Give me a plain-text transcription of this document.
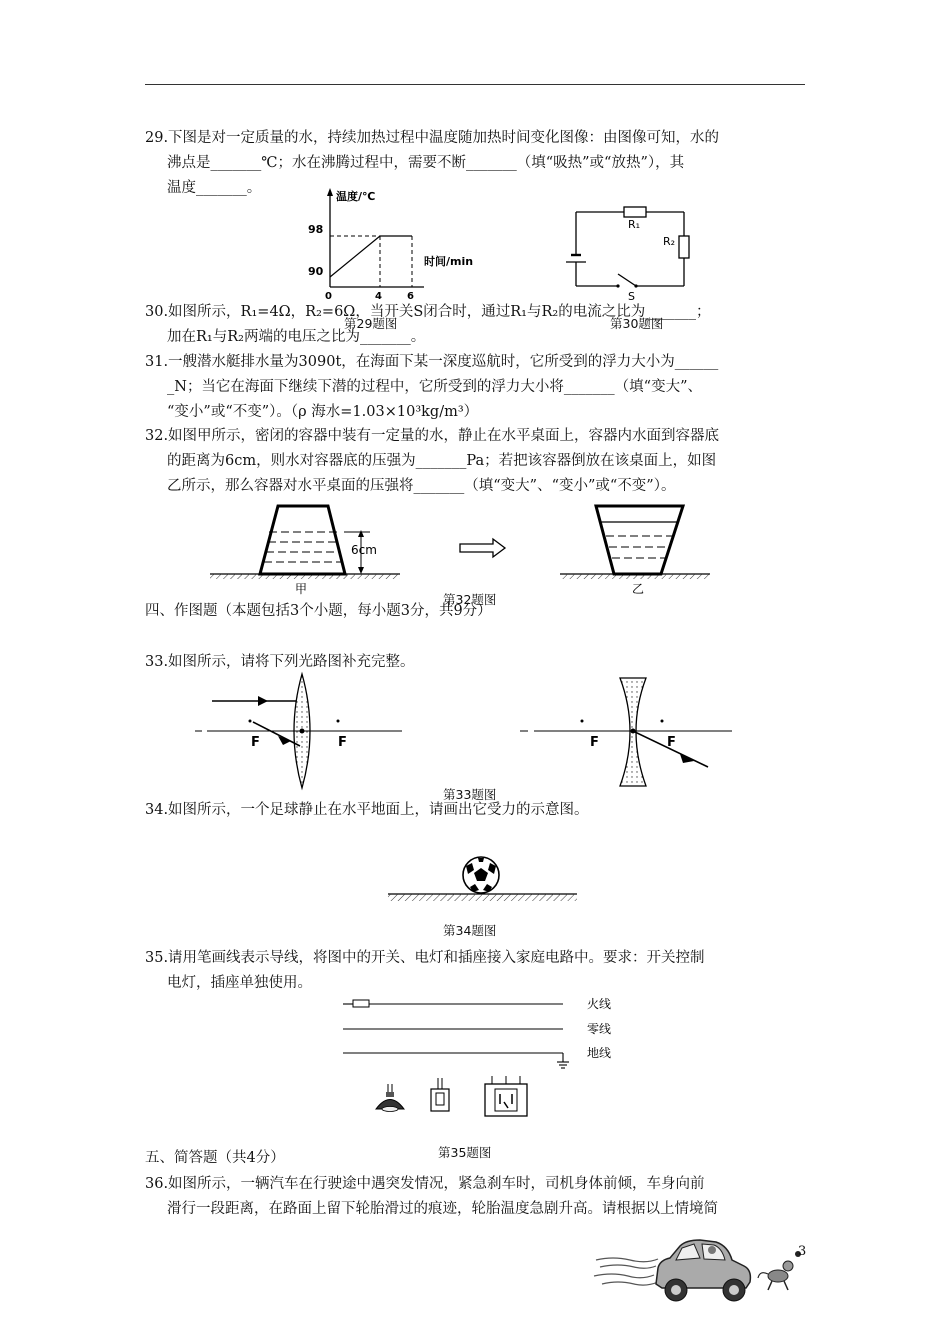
29.下图是对一定质量的水，持续加热过程中温度随加热时间变化图像：由图像可知，水的
沸点是_______℃；水在沸腾过程中，需要不断_______（填“吸热”或“放热”），其
温度_______。
温度/℃
时间/min
98
90
0	4	6
第29题图
R₁
R₂
S
第30题图
30.如图所示，R₁=4Ω，R₂=6Ω，当开关S闭合时，通过R₁与R₂的电流之比为_______；
加在R₁与R₂两端的电压之比为_______。
31.一艘潜水艇排水量为3090t，在海面下某一深度巡航时，它所受到的浮力大小为______
_N；当它在海面下继续下潜的过程中，它所受到的浮力大小将_______（填“变大”、
“变小”或“不变”）。（ρ 海水=1.03×10³kg/m³）
32.如图甲所示，密闭的容器中装有一定量的水，静止在水平桌面上，容器内水面到容器底
的距离为6cm，则水对容器底的压强为_______Pa；若把该容器倒放在该桌面上，如图
乙所示，那么容器对水平桌面的压强将_______（填“变大”、“变小”或“不变”）。
6cm
甲	乙
第32题图
四、作图题（本题包括3个小题，每小题3分，共9分）
33.如图所示，请将下列光路图补充完整。
F	F	F	F
第33题图
34.如图所示，一个足球静止在水平地面上，请画出它受力的示意图。
第34题图
35.请用笔画线表示导线，将图中的开关、电灯和插座接入家庭电路中。要求：开关控制
电灯，插座单独使用。
火线
零线
地线
第35题图
五、简答题（共4分）
36.如图所示，一辆汽车在行驶途中遇突发情况，紧急刹车时，司机身体前倾，车身向前
滑行一段距离，在路面上留下轮胎滑过的痕迹，轮胎温度急剧升高。请根据以上情境简
3
